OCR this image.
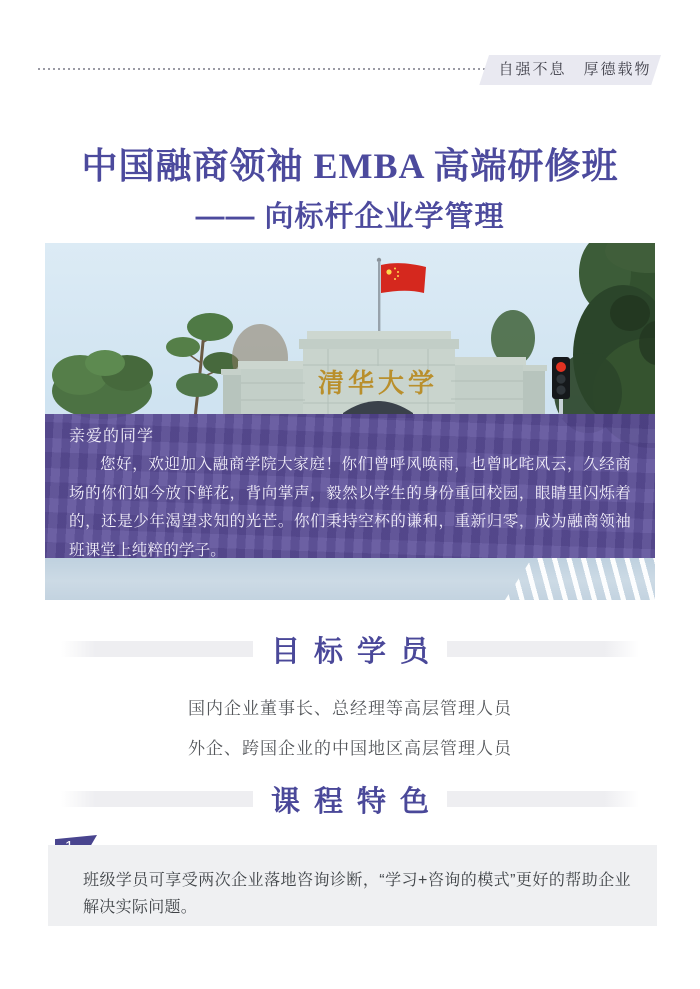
自强不息　厚德载物
中国融商领袖 EMBA 高端研修班
—— 向标杆企业学管理
清华大学

亲爱的同学

您好，欢迎加入融商学院大家庭！你们曾呼风唤雨，也曾叱咤风云，久经商场的你们如今放下鲜花，背向掌声，毅然以学生的身份重回校园，眼睛里闪烁着的，还是少年渴望求知的光芒。你们秉持空杯的谦和，重新归零，成为融商领袖班课堂上纯粹的学子。

目标学员

国内企业董事长、总经理等高层管理人员

外企、跨国企业的中国地区高层管理人员

课程特色

班级学员可享受两次企业落地咨询诊断，“学习+咨询的模式”更好的帮助企业解决实际问题。
